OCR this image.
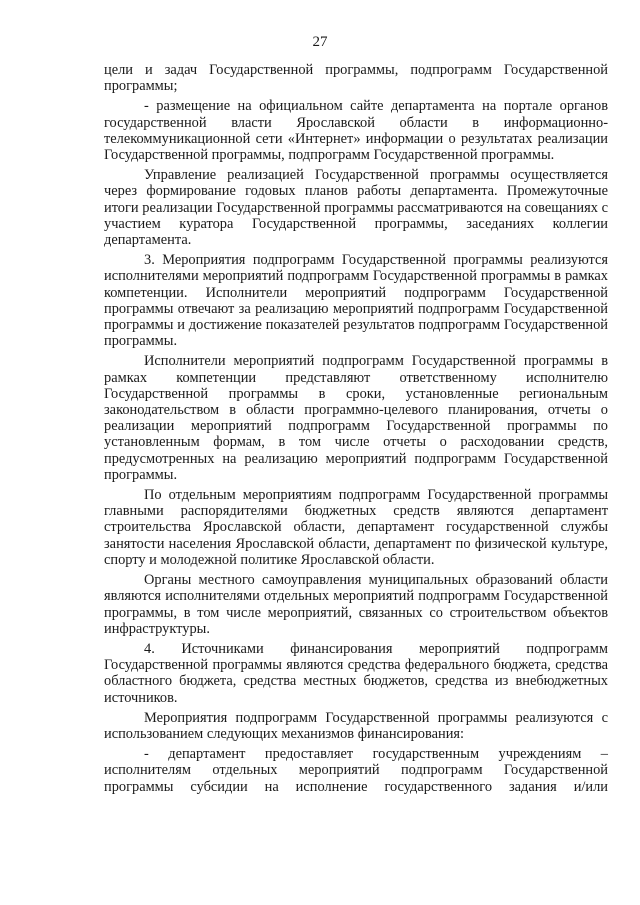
27

цели и задач Государственной программы, подпрограмм Государственной программы;

- размещение на официальном сайте департамента на портале органов государственной власти Ярославской области в информационно-телекоммуникационной сети «Интернет» информации о результатах реализации Государственной программы, подпрограмм Государственной программы.

Управление реализацией Государственной программы осуществляется через формирование годовых планов работы департамента. Промежуточные итоги реализации Государственной программы рассматриваются на совещаниях с участием куратора Государственной программы, заседаниях коллегии департамента.

3. Мероприятия подпрограмм Государственной программы реализуются исполнителями мероприятий подпрограмм Государственной программы в рамках компетенции. Исполнители мероприятий подпрограмм Государственной программы отвечают за реализацию мероприятий подпрограмм Государственной программы и достижение показателей результатов подпрограмм Государственной программы.

Исполнители мероприятий подпрограмм Государственной программы в рамках компетенции представляют ответственному исполнителю Государственной программы в сроки, установленные региональным законодательством в области программно-целевого планирования, отчеты о реализации мероприятий подпрограмм Государственной программы по установленным формам, в том числе отчеты о расходовании средств, предусмотренных на реализацию мероприятий подпрограмм Государственной программы.

По отдельным мероприятиям подпрограмм Государственной программы главными распорядителями бюджетных средств являются департамент строительства Ярославской области, департамент государственной службы занятости населения Ярославской области, департамент по физической культуре, спорту и молодежной политике Ярославской области.

Органы местного самоуправления муниципальных образований области являются исполнителями отдельных мероприятий подпрограмм Государственной программы, в том числе мероприятий, связанных со строительством объектов инфраструктуры.

4. Источниками финансирования мероприятий подпрограмм Государственной программы являются средства федерального бюджета, средства областного бюджета, средства местных бюджетов, средства из внебюджетных источников.

Мероприятия подпрограмм Государственной программы реализуются с использованием следующих механизмов финансирования:

- департамент предоставляет государственным учреждениям – исполнителям отдельных мероприятий подпрограмм Государственной программы субсидии на исполнение государственного задания и/или
